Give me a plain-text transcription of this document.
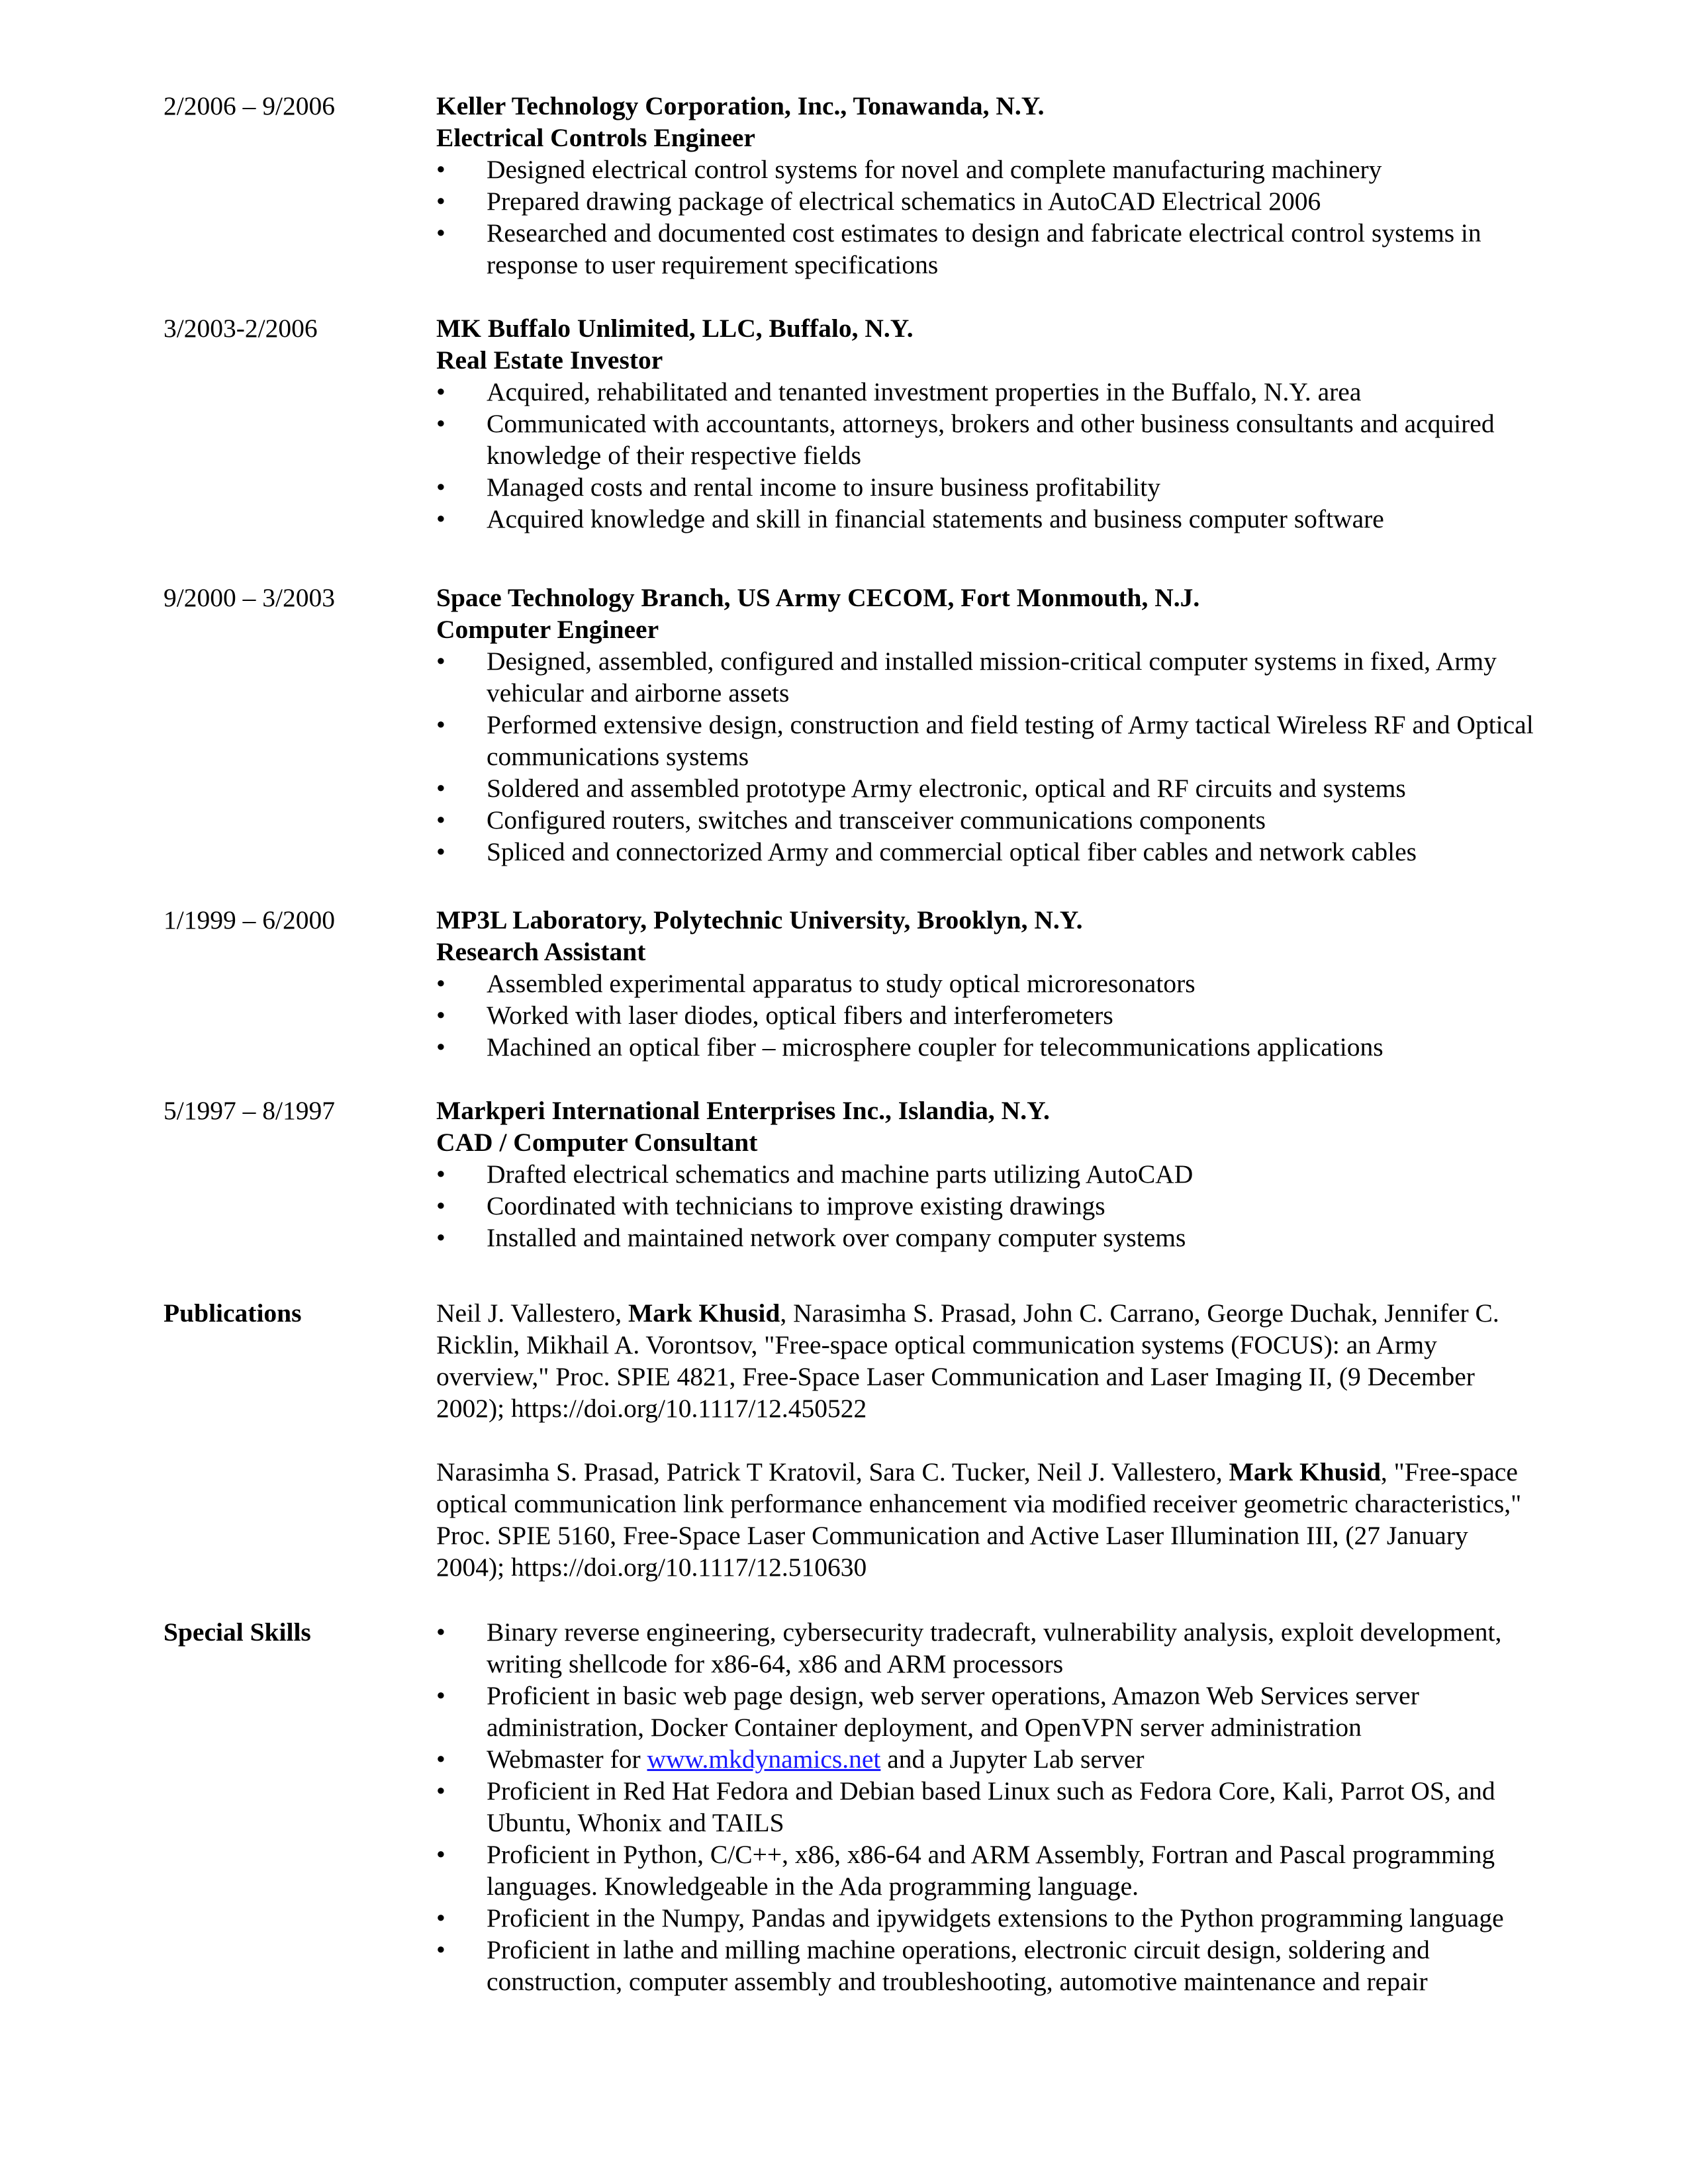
2/2006 – 9/2006	Keller Technology Corporation, Inc., Tonawanda, N.Y.
Electrical Controls Engineer
•	Designed electrical control systems for novel and complete manufacturing machinery
•	Prepared drawing package of electrical schematics in AutoCAD Electrical 2006
•	Researched and documented cost estimates to design and fabricate electrical control systems in response to user requirement specifications
3/2003-2/2006	MK Buffalo Unlimited, LLC, Buffalo, N.Y.
Real Estate Investor
•	Acquired, rehabilitated and tenanted investment properties in the Buffalo, N.Y. area
•	Communicated with accountants, attorneys, brokers and other business consultants and acquired knowledge of their respective fields
•	Managed costs and rental income to insure business profitability
•	Acquired knowledge and skill in financial statements and business computer software
9/2000 – 3/2003	Space Technology Branch, US Army CECOM, Fort Monmouth, N.J.
Computer Engineer
•	Designed, assembled, configured and installed mission-critical computer systems in fixed, Army vehicular and airborne assets
•	Performed extensive design, construction and field testing of Army tactical Wireless RF and Optical communications systems
•	Soldered and assembled prototype Army electronic, optical and RF circuits and systems
•	Configured routers, switches and transceiver communications components
•	Spliced and connectorized Army and commercial optical fiber cables and network cables
1/1999 – 6/2000	MP3L Laboratory, Polytechnic University, Brooklyn, N.Y.
Research Assistant
•	Assembled experimental apparatus to study optical microresonators
•	Worked with laser diodes, optical fibers and interferometers
•	Machined an optical fiber – microsphere coupler for telecommunications applications
5/1997 – 8/1997	Markperi International Enterprises Inc., Islandia, N.Y.
CAD / Computer Consultant
•	Drafted electrical schematics and machine parts utilizing AutoCAD
•	Coordinated with technicians to improve existing drawings
•	Installed and maintained network over company computer systems
Publications	Neil J. Vallestero, Mark Khusid, Narasimha S. Prasad, John C. Carrano, George Duchak, Jennifer C. Ricklin, Mikhail A. Vorontsov, "Free-space optical communication systems (FOCUS): an Army overview," Proc. SPIE 4821, Free-Space Laser Communication and Laser Imaging II, (9 December 2002); https://doi.org/10.1117/12.450522

Narasimha S. Prasad, Patrick T Kratovil, Sara C. Tucker, Neil J. Vallestero, Mark Khusid, "Free-space optical communication link performance enhancement via modified receiver geometric characteristics," Proc. SPIE 5160, Free-Space Laser Communication and Active Laser Illumination III, (27 January 2004); https://doi.org/10.1117/12.510630

Special Skills	•	Binary reverse engineering, cybersecurity tradecraft, vulnerability analysis, exploit development, writing shellcode for x86-64, x86 and ARM processors
•	Proficient in basic web page design, web server operations, Amazon Web Services server administration, Docker Container deployment, and OpenVPN server administration
•	Webmaster for www.mkdynamics.net and a Jupyter Lab server
•	Proficient in Red Hat Fedora and Debian based Linux such as Fedora Core, Kali, Parrot OS, and Ubuntu, Whonix and TAILS
•	Proficient in Python, C/C++, x86, x86-64 and ARM Assembly, Fortran and Pascal programming languages. Knowledgeable in the Ada programming language.
•	Proficient in the Numpy, Pandas and ipywidgets extensions to the Python programming language
•	Proficient in lathe and milling machine operations, electronic circuit design, soldering and construction, computer assembly and troubleshooting, automotive maintenance and repair
